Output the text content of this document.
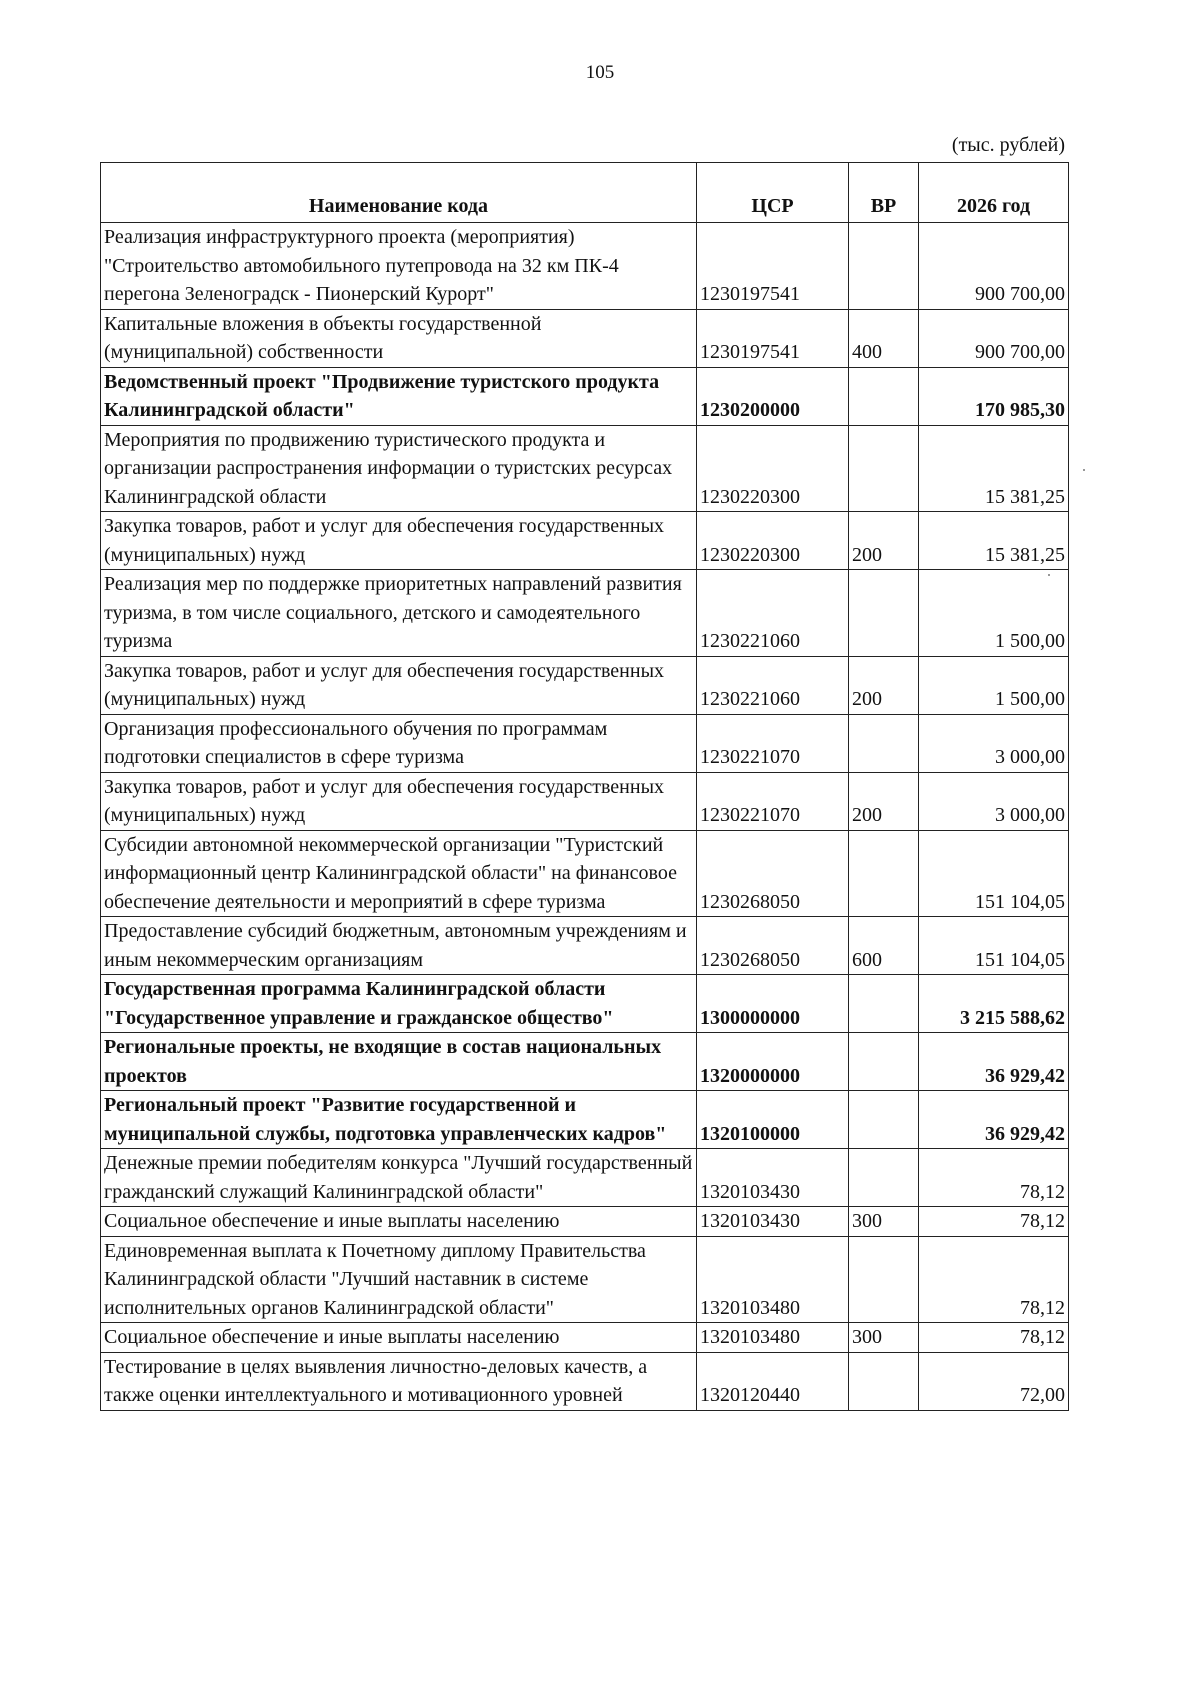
105
(тыс. рублей)
Наименование кода	ЦСР	ВР	2026 год
Реализация инфраструктурного проекта (мероприятия) "Строительство автомобильного путепровода на 32 км ПК-4 перегона Зеленоградск - Пионерский Курорт"	1230197541		900 700,00
Капитальные вложения в объекты государственной (муниципальной) собственности	1230197541	400	900 700,00
Ведомственный проект "Продвижение туристского продукта Калининградской области"	1230200000		170 985,30
Мероприятия по продвижению туристического продукта и организации распространения информации о туристских ресурсах Калининградской области	1230220300		15 381,25
Закупка товаров, работ и услуг для обеспечения государственных (муниципальных) нужд	1230220300	200	15 381,25
Реализация мер по поддержке приоритетных направлений развития туризма, в том числе социального, детского и самодеятельного туризма	1230221060		1 500,00
Закупка товаров, работ и услуг для обеспечения государственных (муниципальных) нужд	1230221060	200	1 500,00
Организация профессионального обучения по программам подготовки специалистов в сфере туризма	1230221070		3 000,00
Закупка товаров, работ и услуг для обеспечения государственных (муниципальных) нужд	1230221070	200	3 000,00
Субсидии автономной некоммерческой организации "Туристский информационный центр Калининградской области" на финансовое обеспечение деятельности и мероприятий в сфере туризма	1230268050		151 104,05
Предоставление субсидий бюджетным, автономным учреждениям и иным некоммерческим организациям	1230268050	600	151 104,05
Государственная программа Калининградской области "Государственное управление и гражданское общество"	1300000000		3 215 588,62
Региональные проекты, не входящие в состав национальных проектов	1320000000		36 929,42
Региональный проект "Развитие государственной и муниципальной службы, подготовка управленческих кадров"	1320100000		36 929,42
Денежные премии победителям конкурса "Лучший государственный гражданский служащий Калининградской области"	1320103430		78,12
Социальное обеспечение и иные выплаты населению	1320103430	300	78,12
Единовременная выплата к Почетному диплому Правительства Калининградской области "Лучший наставник в системе исполнительных органов Калининградской области"	1320103480		78,12
Социальное обеспечение и иные выплаты населению	1320103480	300	78,12
Тестирование в целях выявления личностно-деловых качеств, а также оценки интеллектуального и мотивационного уровней	1320120440		72,00
